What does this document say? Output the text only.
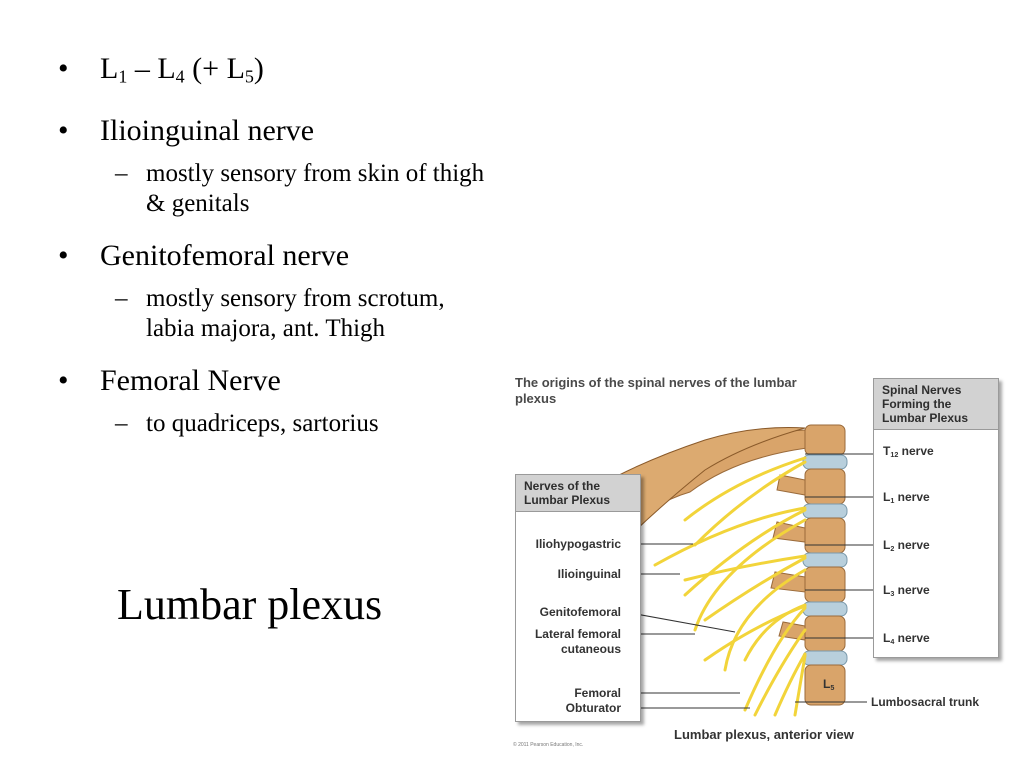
• $L_1 - L_4$ (+ $L_5$)
• Ilioinguinal nerve
– mostly sensory from skin of thigh & genitals
• Genitofemoral nerve
– mostly sensory from scrotum, labia majora, ant. Thigh
• Femoral Nerve
– to quadriceps, sartorius
Lumbar plexus
The origins of the spinal nerves of the lumbar plexus
Spinal Nerves Forming the Lumbar Plexus
$T_{12}$ nerve
$L_1$ nerve
$L_2$ nerve
$L_3$ nerve
$L_4$ nerve
$L_5$
Lumbosacral trunk
Nerves of the Lumbar Plexus
Iliohypogastric
Ilioinguinal
Genitofemoral
Lateral femoral
cutaneous
Femoral
Obturator
Lumbar plexus, anterior view
© 2011 Pearson Education, Inc.
